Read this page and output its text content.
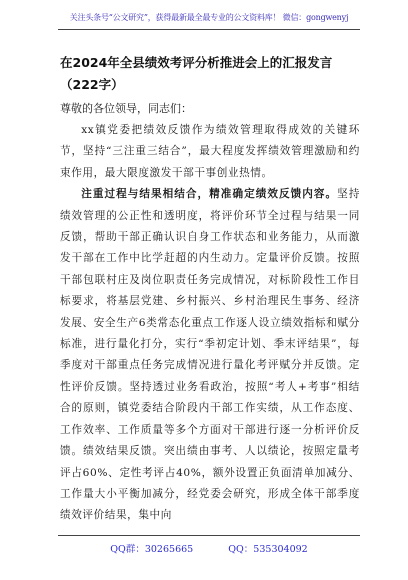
关注头条号“公文研究”，获得最新最全最专业的公文资料库！ 微信：gongwenyj
在2024年全县绩效考评分析推进会上的汇报发言（222字）
尊敬的各位领导，同志们：

xx镇党委把绩效反馈作为绩效管理取得成效的关键环节，坚持“三注重三结合”，最大程度发挥绩效管理激励和约束作用，最大限度激发干部干事创业热情。

注重过程与结果相结合，精准确定绩效反馈内容。坚持绩效管理的公正性和透明度，将评价环节全过程与结果一同反馈，帮助干部正确认识自身工作状态和业务能力，从而激发干部在工作中比学赶超的内生动力。定量评价反馈。按照干部包联村庄及岗位职责任务完成情况，对标阶段性工作目标要求，将基层党建、乡村振兴、乡村治理民生事务、经济发展、安全生产6类常态化重点工作逐人设立绩效指标和赋分标准，进行量化打分，实行“季初定计划、季末评结果”，每季度对干部重点任务完成情况进行量化考评赋分并反馈。定性评价反馈。坚持透过业务看政治，按照“考人+考事”相结合的原则，镇党委结合阶段内干部工作实绩，从工作态度、工作效率、工作质量等多个方面对干部进行逐一分析评价反馈。绩效结果反馈。突出绩由事考、人以绩论，按照定量考评占60%、定性考评占40%，额外设置正负面清单加减分、工作量大小平衡加减分，经党委会研究，形成全体干部季度绩效评价结果，集中向

QQ群：30265665	QQ：535304092
